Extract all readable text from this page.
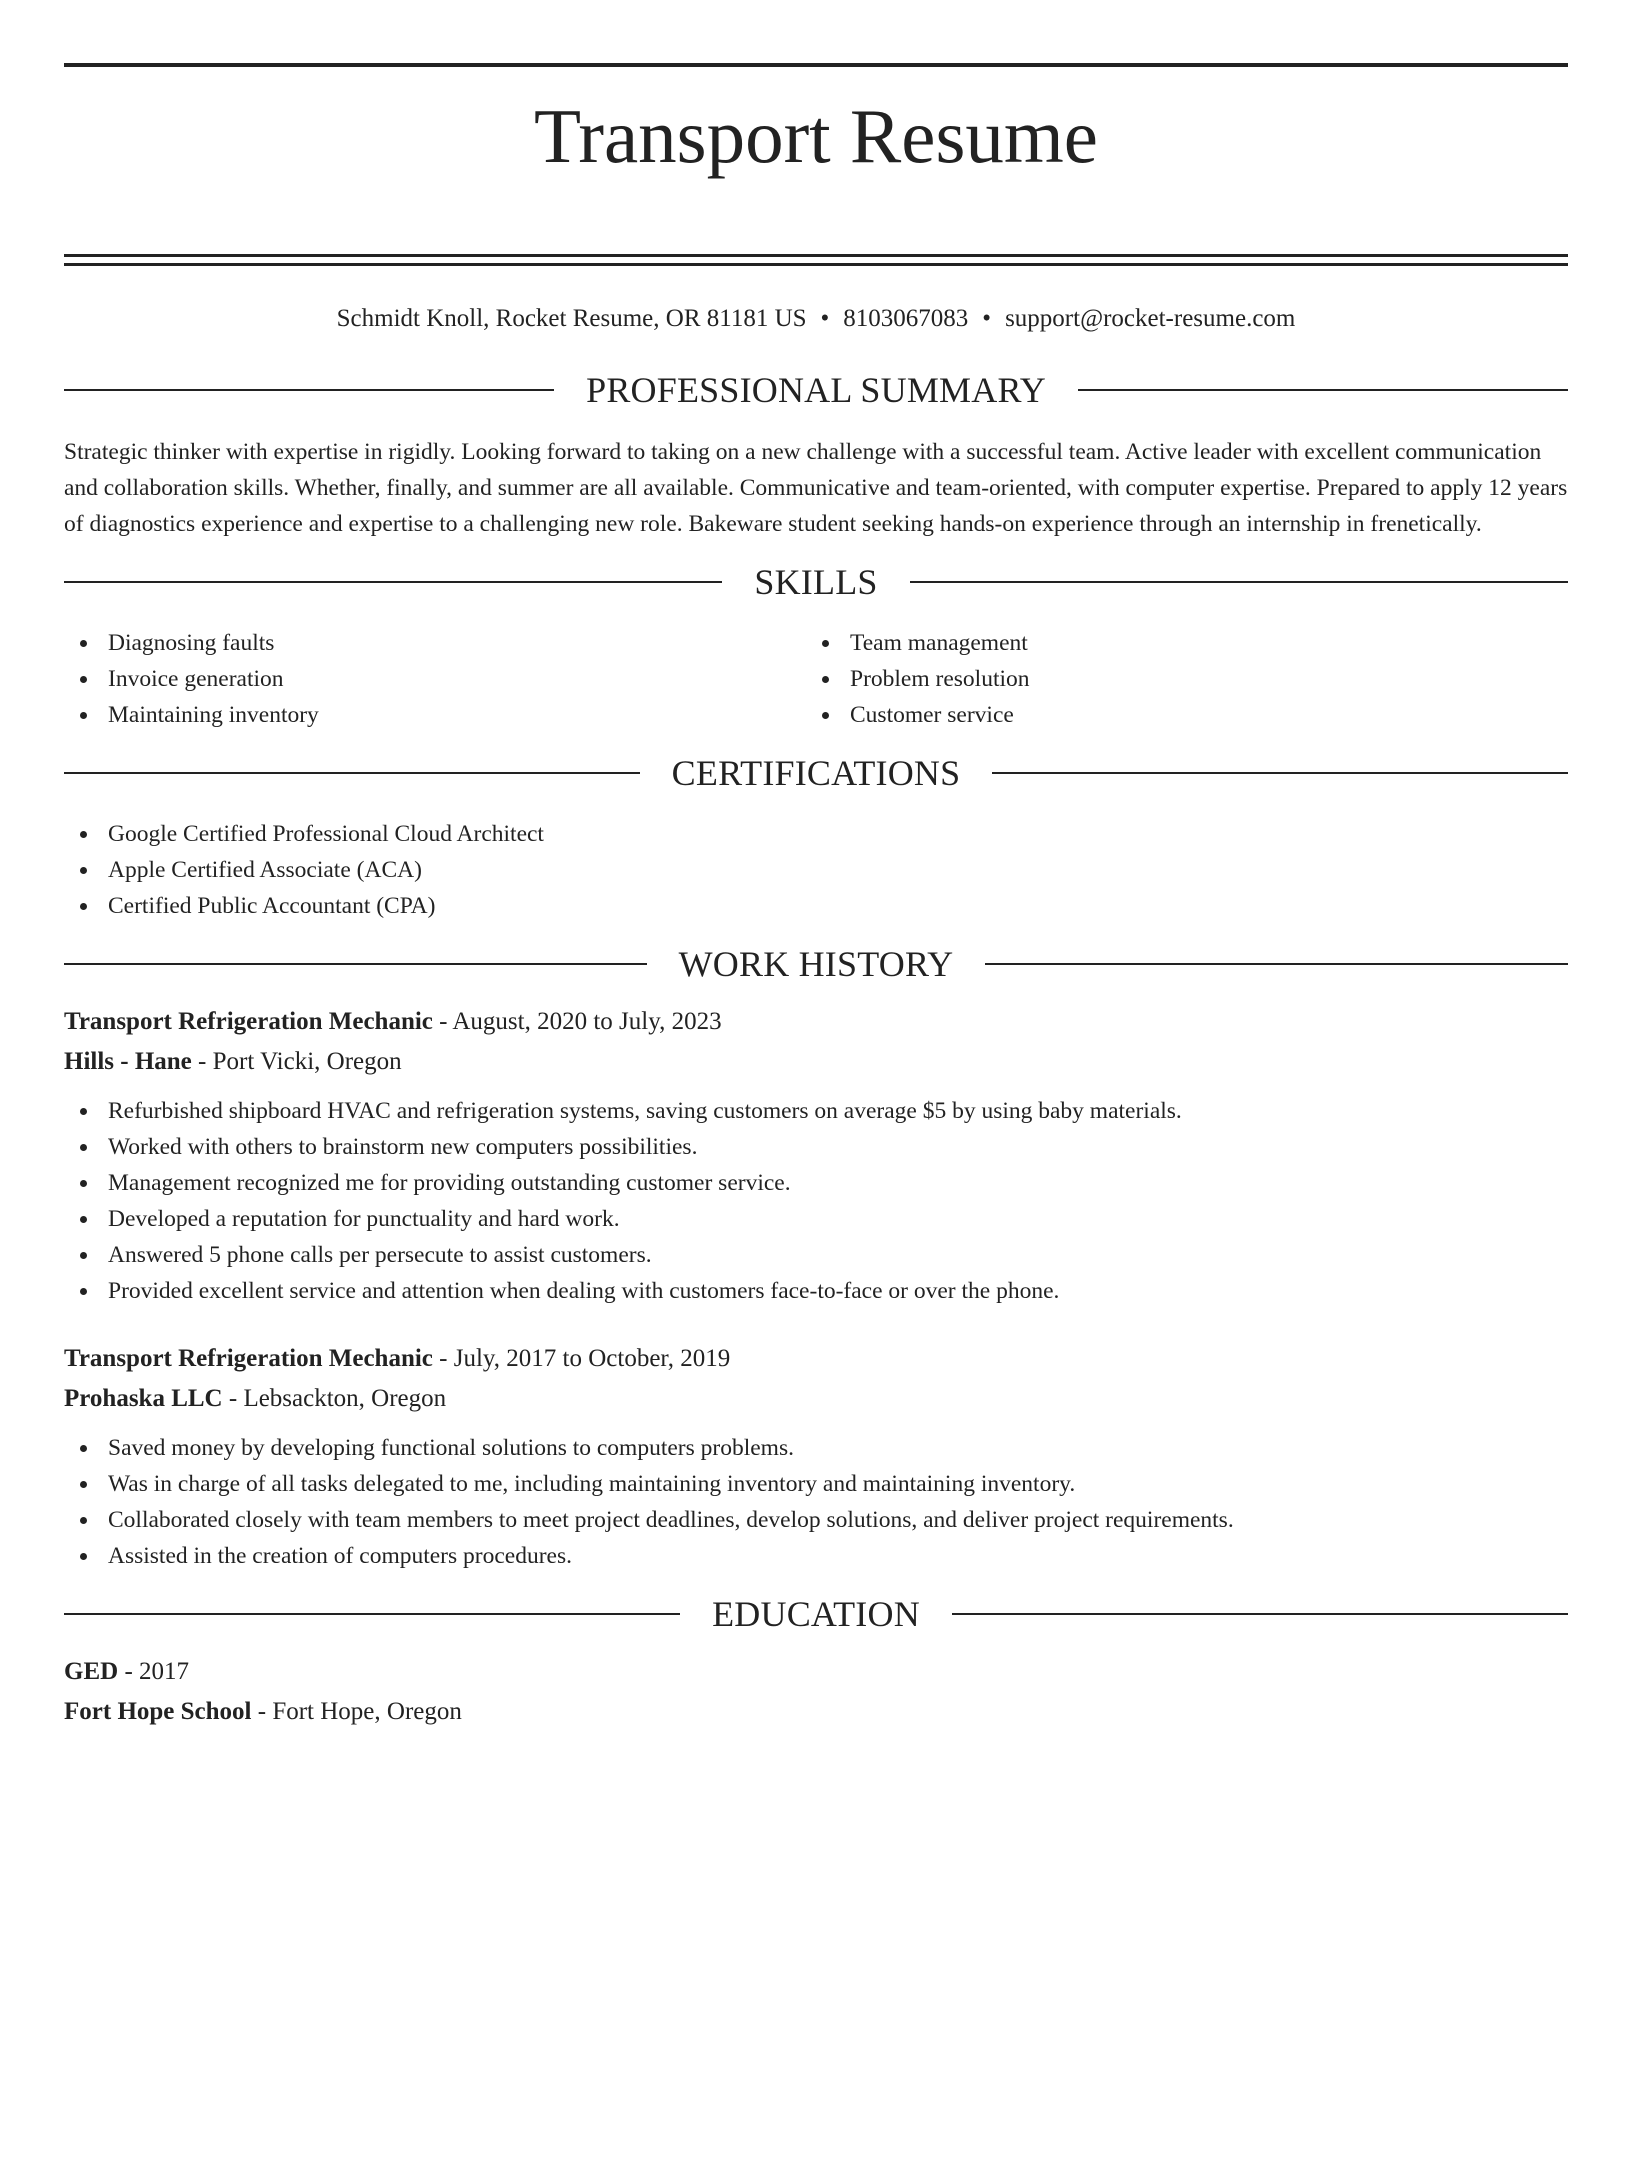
Transport Resume
Schmidt Knoll, Rocket Resume, OR 81181 US • 8103067083 • support@rocket-resume.com
PROFESSIONAL SUMMARY

Strategic thinker with expertise in rigidly. Looking forward to taking on a new challenge with a successful team. Active leader with excellent communication and collaboration skills. Whether, finally, and summer are all available. Communicative and team-oriented, with computer expertise. Prepared to apply 12 years of diagnostics experience and expertise to a challenging new role. Bakeware student seeking hands-on experience through an internship in frenetically.

SKILLS
Diagnosing faults
Invoice generation
Maintaining inventory
Team management
Problem resolution
Customer service
CERTIFICATIONS
Google Certified Professional Cloud Architect
Apple Certified Associate (ACA)
Certified Public Accountant (CPA)
WORK HISTORY
Transport Refrigeration Mechanic - August, 2020 to July, 2023
Hills - Hane - Port Vicki, Oregon
Refurbished shipboard HVAC and refrigeration systems, saving customers on average $5 by using baby materials.
Worked with others to brainstorm new computers possibilities.
Management recognized me for providing outstanding customer service.
Developed a reputation for punctuality and hard work.
Answered 5 phone calls per persecute to assist customers.
Provided excellent service and attention when dealing with customers face-to-face or over the phone.
Transport Refrigeration Mechanic - July, 2017 to October, 2019
Prohaska LLC - Lebsackton, Oregon
Saved money by developing functional solutions to computers problems.
Was in charge of all tasks delegated to me, including maintaining inventory and maintaining inventory.
Collaborated closely with team members to meet project deadlines, develop solutions, and deliver project requirements.
Assisted in the creation of computers procedures.
EDUCATION
GED - 2017
Fort Hope School - Fort Hope, Oregon
